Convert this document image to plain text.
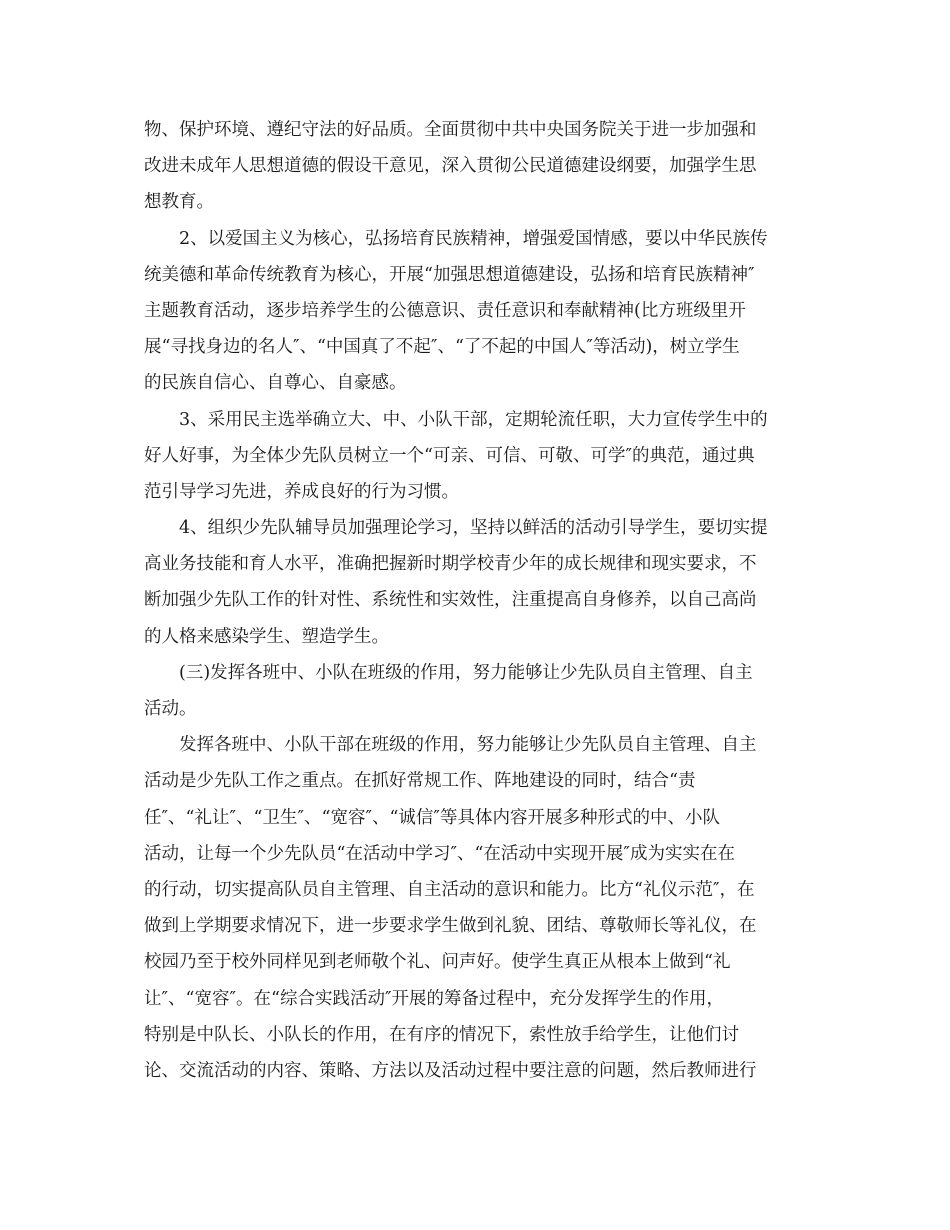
物、保护环境、遵纪守法的好品质。全面贯彻中共中央国务院关于进一步加强和
改进未成年人思想道德的假设干意见，深入贯彻公民道德建设纲要，加强学生思
想教育。
2、以爱国主义为核心，弘扬培育民族精神，增强爱国情感，要以中华民族传
统美德和革命传统教育为核心，开展“加强思想道德建设，弘扬和培育民族精神″
主题教育活动，逐步培养学生的公德意识、责任意识和奉献精神(比方班级里开
展“寻找身边的名人″、“中国真了不起″、“了不起的中国人″等活动)，树立学生
的民族自信心、自尊心、自豪感。
3、采用民主选举确立大、中、小队干部，定期轮流任职，大力宣传学生中的
好人好事，为全体少先队员树立一个“可亲、可信、可敬、可学″的典范，通过典
范引导学习先进，养成良好的行为习惯。
4、组织少先队辅导员加强理论学习，坚持以鲜活的活动引导学生，要切实提
高业务技能和育人水平，准确把握新时期学校青少年的成长规律和现实要求，不
断加强少先队工作的针对性、系统性和实效性，注重提高自身修养，以自己高尚
的人格来感染学生、塑造学生。
(三)发挥各班中、小队在班级的作用，努力能够让少先队员自主管理、自主
活动。
发挥各班中、小队干部在班级的作用，努力能够让少先队员自主管理、自主
活动是少先队工作之重点。在抓好常规工作、阵地建设的同时，结合“责
任″、“礼让″、“卫生″、“宽容″、“诚信″等具体内容开展多种形式的中、小队
活动，让每一个少先队员“在活动中学习″、“在活动中实现开展″成为实实在在
的行动，切实提高队员自主管理、自主活动的意识和能力。比方“礼仪示范″，在
做到上学期要求情况下，进一步要求学生做到礼貌、团结、尊敬师长等礼仪，在
校园乃至于校外同样见到老师敬个礼、问声好。使学生真正从根本上做到“礼
让″、“宽容″。在“综合实践活动″开展的筹备过程中，充分发挥学生的作用，
特别是中队长、小队长的作用，在有序的情况下，索性放手给学生，让他们讨
论、交流活动的内容、策略、方法以及活动过程中要注意的问题，然后教师进行
